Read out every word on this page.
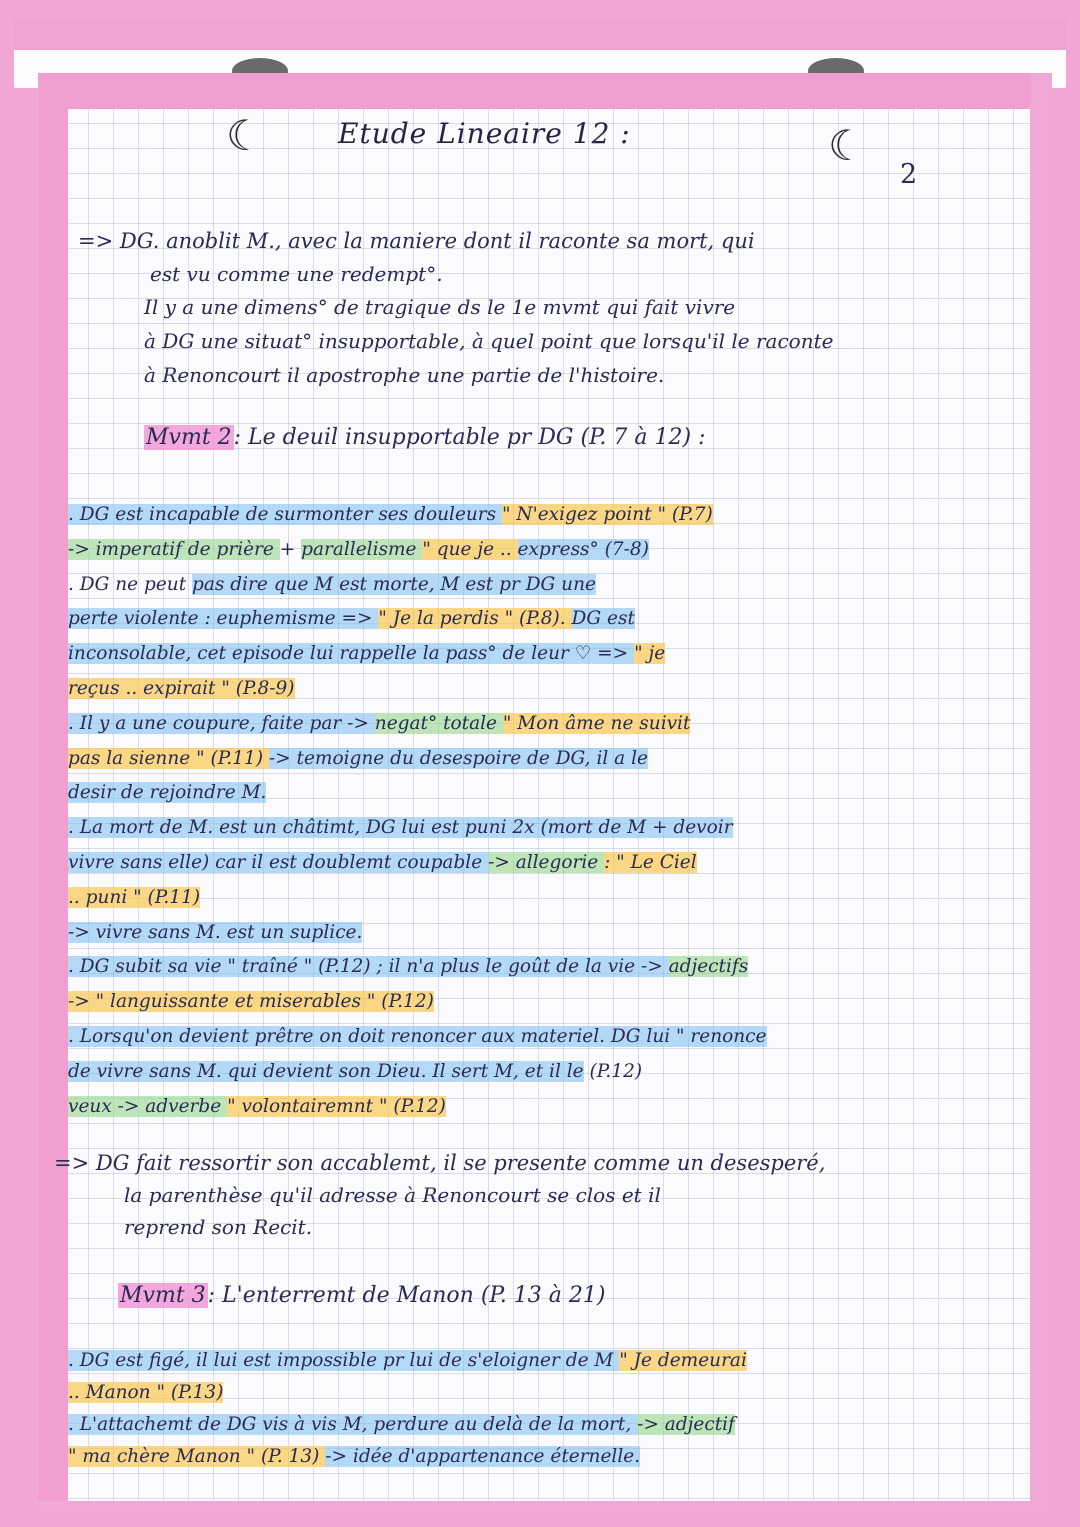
☾	☾
Etude Lineaire 12 :
2
=> DG. anoblit M., avec la maniere dont il raconte sa mort, qui
est vu comme une redempt°.
Il y a une dimens° de tragique ds le 1e mvmt qui fait vivre
à DG une situat° insupportable, à quel point que lorsqu'il le raconte
à Renoncourt il apostrophe une partie de l'histoire.
Mvmt 2: Le deuil insupportable pr DG (P. 7 à 12) :
. DG est incapable de surmonter ses douleurs " N'exigez point " (P.7)
-> imperatif de prière + parallelisme " que je .. express° (7-8)
. DG ne peut pas dire que M est morte, M est pr DG une
perte violente : euphemisme => " Je la perdis " (P.8). DG est
inconsolable, cet episode lui rappelle la pass° de leur ♡ => " je
reçus .. expirait " (P.8-9)
. Il y a une coupure, faite par -> negat° totale " Mon âme ne suivit
pas la sienne " (P.11) -> temoigne du desespoire de DG, il a le
desir de rejoindre M.
. La mort de M. est un châtimt, DG lui est puni 2x (mort de M + devoir
vivre sans elle) car il est doublemt coupable -> allegorie : " Le Ciel
.. puni " (P.11)
-> vivre sans M. est un suplice.
. DG subit sa vie " traîné " (P.12) ; il n'a plus le goût de la vie -> adjectifs
-> " languissante et miserables " (P.12)
. Lorsqu'on devient prêtre on doit renoncer aux materiel. DG lui " renonce
de vivre sans M. qui devient son Dieu. Il sert M, et il le (P.12)
veux -> adverbe " volontairemnt " (P.12)
=> DG fait ressortir son accablemt, il se presente comme un desesperé,
la parenthèse qu'il adresse à Renoncourt se clos et il
reprend son Recit.
Mvmt 3: L'enterremt de Manon (P. 13 à 21)
. DG est figé, il lui est impossible pr lui de s'eloigner de M " Je demeurai
.. Manon " (P.13)
. L'attachemt de DG vis à vis M, perdure au delà de la mort, -> adjectif
" ma chère Manon " (P. 13) -> idée d'appartenance éternelle.
